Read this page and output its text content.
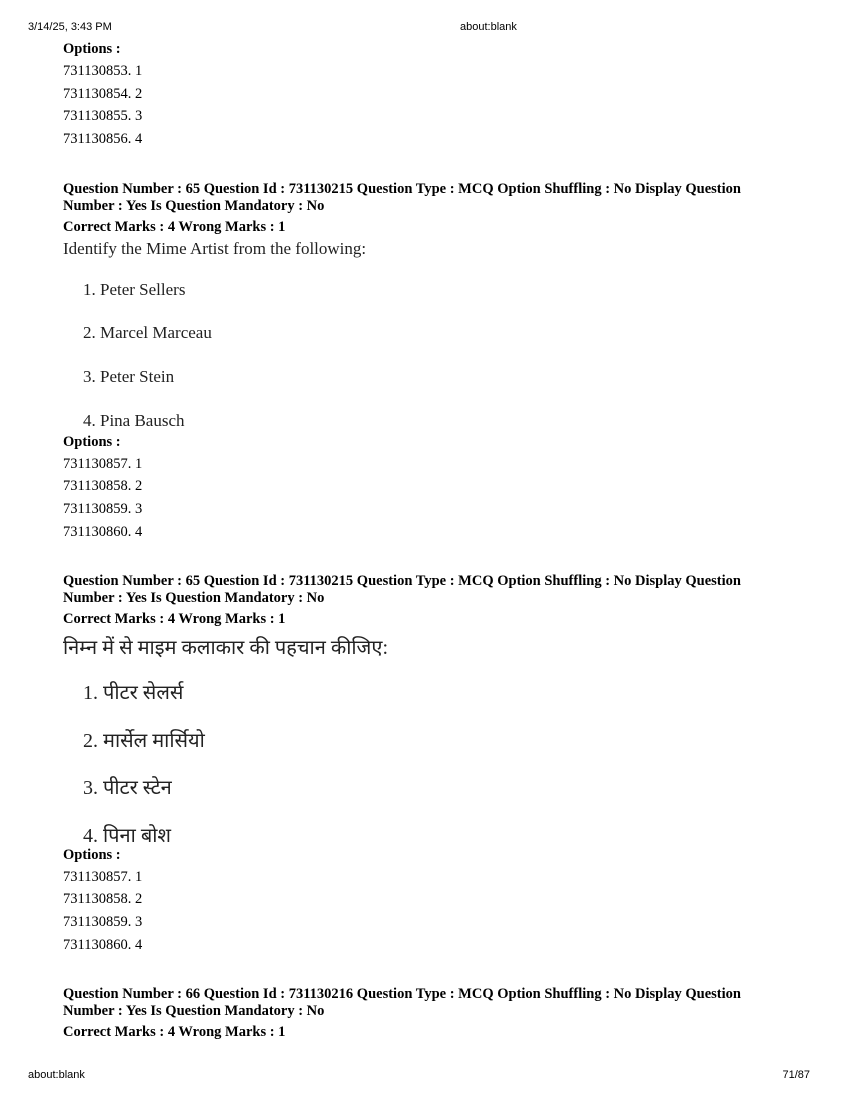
3/14/25, 3:43 PM	about:blank
about:blank	71/87
Options :
731130853. 1
731130854. 2
731130855. 3
731130856. 4
Question Number : 65 Question Id : 731130215 Question Type : MCQ Option Shuffling : No Display Question
Number : Yes Is Question Mandatory : No
Correct Marks : 4 Wrong Marks : 1
Identify the Mime Artist from the following:
1. Peter Sellers
2. Marcel Marceau
3. Peter Stein
4. Pina Bausch
Options :
731130857. 1
731130858. 2
731130859. 3
731130860. 4
Question Number : 65 Question Id : 731130215 Question Type : MCQ Option Shuffling : No Display Question
Number : Yes Is Question Mandatory : No
Correct Marks : 4 Wrong Marks : 1
निम्न में से माइम कलाकार की पहचान कीजिए:
1. पीटर सेलर्स
2. मार्सेल मार्सियो
3. पीटर स्टेन
4. पिना बोश
Options :
731130857. 1
731130858. 2
731130859. 3
731130860. 4
Question Number : 66 Question Id : 731130216 Question Type : MCQ Option Shuffling : No Display Question
Number : Yes Is Question Mandatory : No
Correct Marks : 4 Wrong Marks : 1
